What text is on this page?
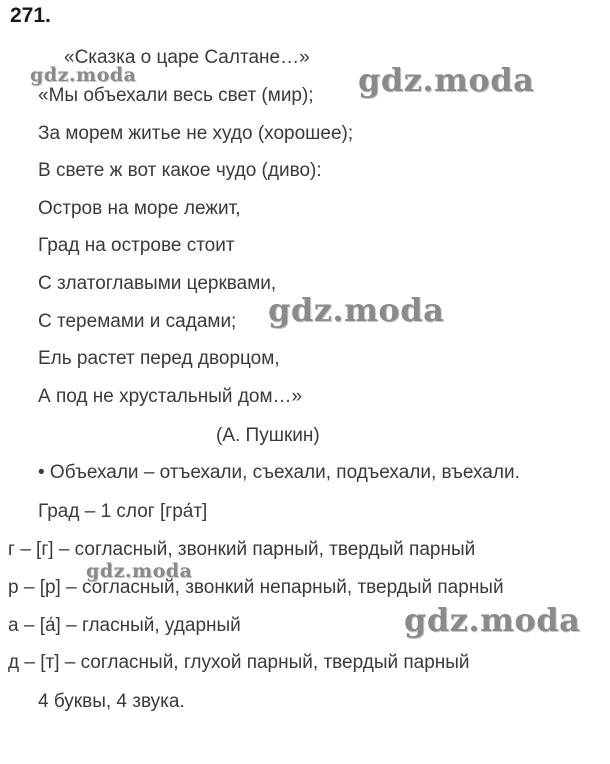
271.
«Сказка о царе Салтане…»
«Мы объехали весь свет (мир);
За морем житье не худо (хорошее);
В свете ж вот какое чудо (диво):
Остров на море лежит,
Град на острове стоит
С златоглавыми церквами,
С теремами и садами;
Ель растет перед дворцом,
А под не хрустальный дом…»
(А. Пушкин)
• Объехали – отъехали, съехали, подъехали, въехали.
Град – 1 слог [гра́т]
г – [г] – согласный, звонкий парный, твердый парный
р – [р] – согласный, звонкий непарный, твердый парный
а – [а́] – гласный, ударный
д – [т] – согласный, глухой парный, твердый парный
4 буквы, 4 звука.
gdz.moda	gdz.moda
gdz.moda
gdz.moda
gdz.moda
